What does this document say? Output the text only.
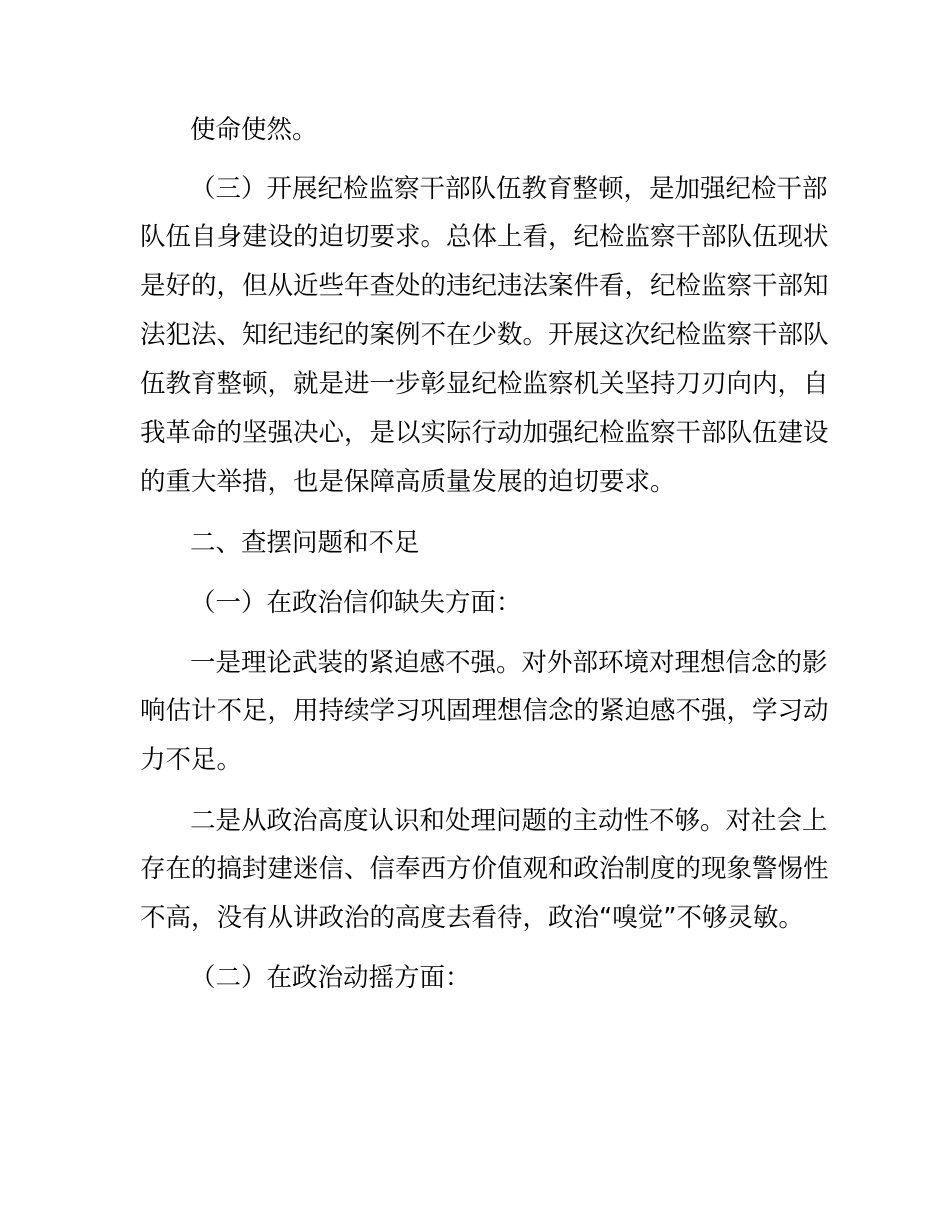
使命使然。
（三）开展纪检监察干部队伍教育整顿，是加强纪检干部
队伍自身建设的迫切要求。总体上看，纪检监察干部队伍现状
是好的，但从近些年查处的违纪违法案件看，纪检监察干部知
法犯法、知纪违纪的案例不在少数。开展这次纪检监察干部队
伍教育整顿，就是进一步彰显纪检监察机关坚持刀刃向内，自
我革命的坚强决心，是以实际行动加强纪检监察干部队伍建设
的重大举措，也是保障高质量发展的迫切要求。
二、查摆问题和不足
（一）在政治信仰缺失方面：
一是理论武装的紧迫感不强。对外部环境对理想信念的影
响估计不足，用持续学习巩固理想信念的紧迫感不强，学习动
力不足。
二是从政治高度认识和处理问题的主动性不够。对社会上
存在的搞封建迷信、信奉西方价值观和政治制度的现象警惕性
不高，没有从讲政治的高度去看待，政治“嗅觉”不够灵敏。
（二）在政治动摇方面：
